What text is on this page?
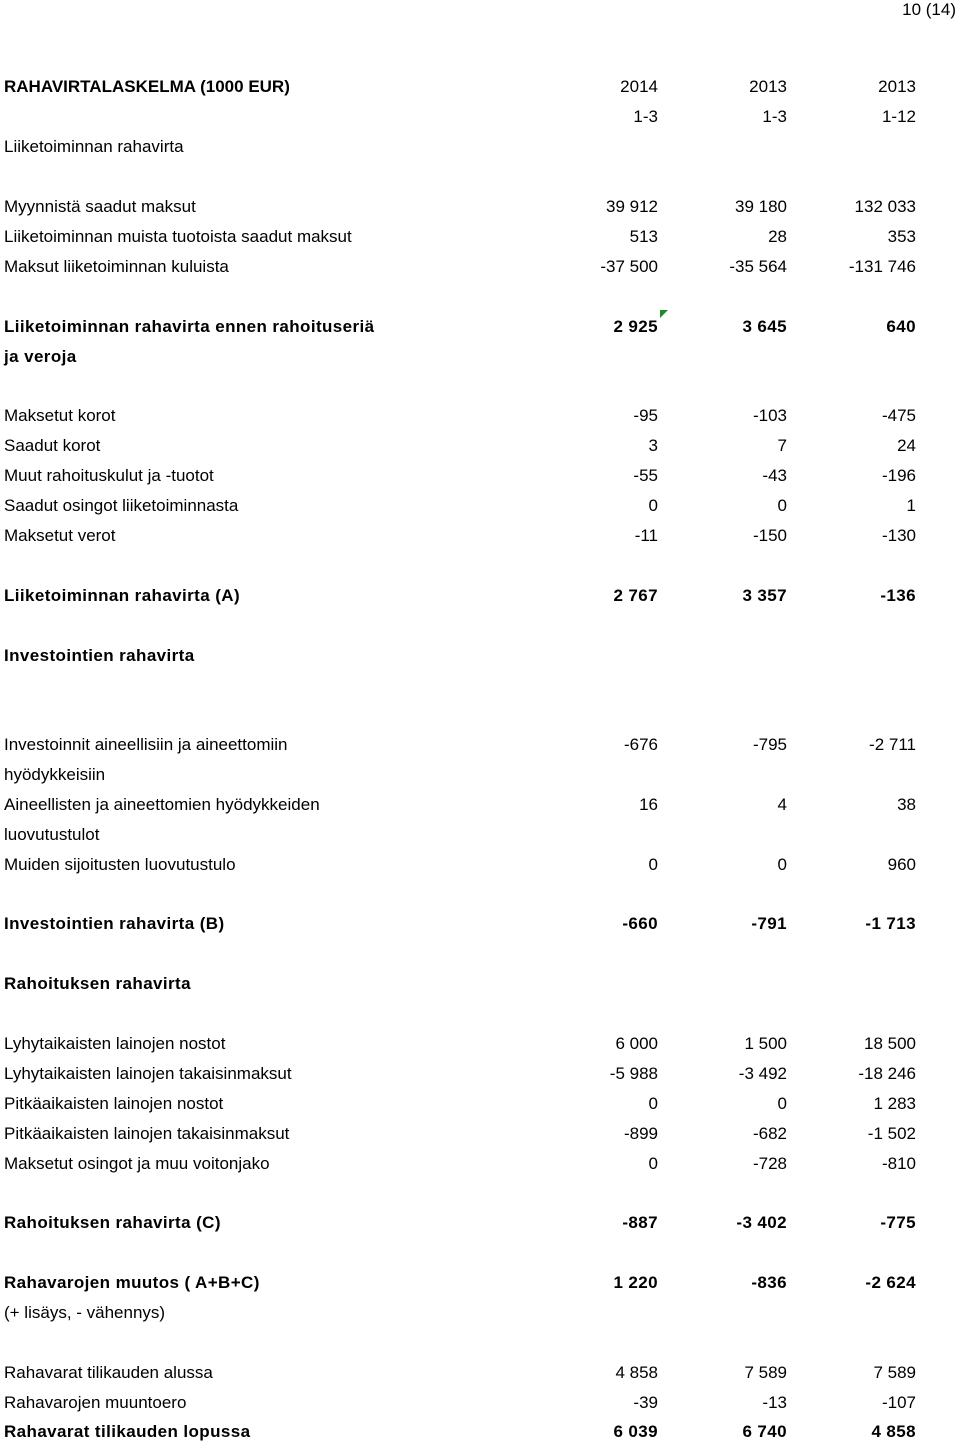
10 (14)
RAHAVIRTALASKELMA (1000 EUR)	2014	2013	2013
1-3	1-3	1-12
Liiketoiminnan rahavirta
Myynnistä saadut maksut	39 912	39 180	132 033
Liiketoiminnan muista tuotoista saadut maksut	513	28	353
Maksut liiketoiminnan kuluista	-37 500	-35 564	-131 746
Liiketoiminnan rahavirta ennen rahoituseriä	2 925	3 645	640
ja veroja
Maksetut korot	-95	-103	-475
Saadut korot	3	7	24
Muut rahoituskulut ja -tuotot	-55	-43	-196
Saadut osingot liiketoiminnasta	0	0	1
Maksetut verot	-11	-150	-130
Liiketoiminnan rahavirta (A)	2 767	3 357	-136
Investointien rahavirta
Investoinnit aineellisiin ja aineettomiin	-676	-795	-2 711
hyödykkeisiin
Aineellisten ja aineettomien hyödykkeiden	16	4	38
luovutustulot
Muiden sijoitusten luovutustulo	0	0	960
Investointien rahavirta (B)	-660	-791	-1 713
Rahoituksen rahavirta
Lyhytaikaisten lainojen nostot	6 000	1 500	18 500
Lyhytaikaisten lainojen takaisinmaksut	-5 988	-3 492	-18 246
Pitkäaikaisten lainojen nostot	0	0	1 283
Pitkäaikaisten lainojen takaisinmaksut	-899	-682	-1 502
Maksetut osingot ja muu voitonjako	0	-728	-810
Rahoituksen rahavirta (C)	-887	-3 402	-775
Rahavarojen muutos ( A+B+C)	1 220	-836	-2 624
(+ lisäys, - vähennys)
Rahavarat tilikauden alussa	4 858	7 589	7 589
Rahavarojen muuntoero	-39	-13	-107
Rahavarat tilikauden lopussa	6 039	6 740	4 858
